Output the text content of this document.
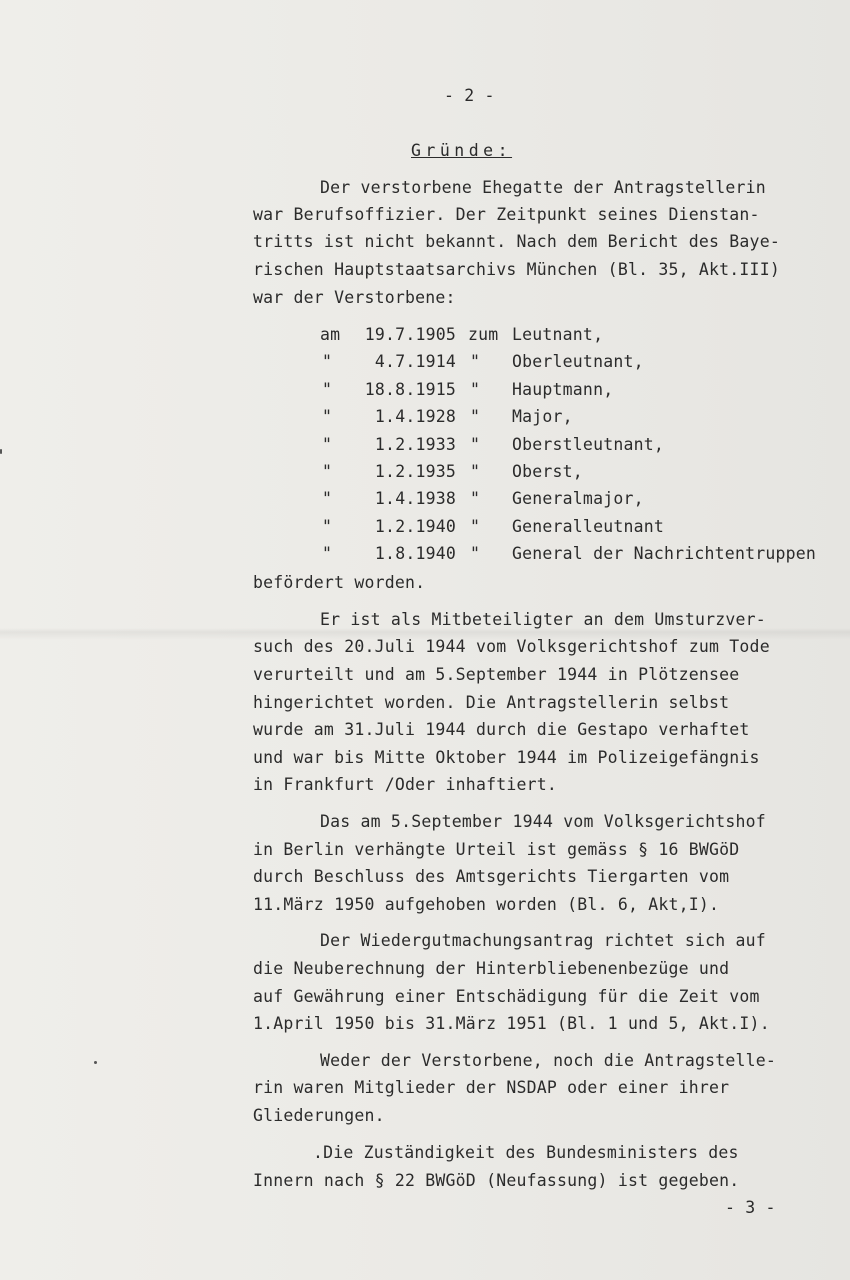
- 2 -
Gründe:
Der verstorbene Ehegatte der Antragstellerin
war Berufsoffizier. Der Zeitpunkt seines Dienstan-
tritts ist nicht bekannt. Nach dem Bericht des Baye-
rischen Hauptstaatsarchivs München (Bl. 35, Akt.III)
war der Verstorbene:
am 19.7.1905 zum Leutnant,
"	4.7.1914 " Oberleutnant,
" 18.8.1915 " Hauptmann,
"	1.4.1928 " Major,
"	1.2.1933 " Oberstleutnant,
"	1.2.1935 " Oberst,
"	1.4.1938 " Generalmajor,
"	1.2.1940 " Generalleutnant
"	1.8.1940 " General der Nachrichtentruppen
befördert worden.
Er ist als Mitbeteiligter an dem Umsturzver-
such des 20.Juli 1944 vom Volksgerichtshof zum Tode
verurteilt und am 5.September 1944 in Plötzensee
hingerichtet worden. Die Antragstellerin selbst
wurde am 31.Juli 1944 durch die Gestapo verhaftet
und war bis Mitte Oktober 1944 im Polizeigefängnis
in Frankfurt /Oder inhaftiert.
Das am 5.September 1944 vom Volksgerichtshof
in Berlin verhängte Urteil ist gemäss § 16 BWGöD
durch Beschluss des Amtsgerichts Tiergarten vom
11.März 1950 aufgehoben worden (Bl. 6, Akt,I).
Der Wiedergutmachungsantrag richtet sich auf
die Neuberechnung der Hinterbliebenenbezüge und
auf Gewährung einer Entschädigung für die Zeit vom
1.April 1950 bis 31.März 1951 (Bl. 1 und 5, Akt.I).
Weder der Verstorbene, noch die Antragstelle-
rin waren Mitglieder der NSDAP oder einer ihrer
Gliederungen.
.Die Zuständigkeit des Bundesministers des
Innern nach § 22 BWGöD (Neufassung) ist gegeben.
- 3 -
